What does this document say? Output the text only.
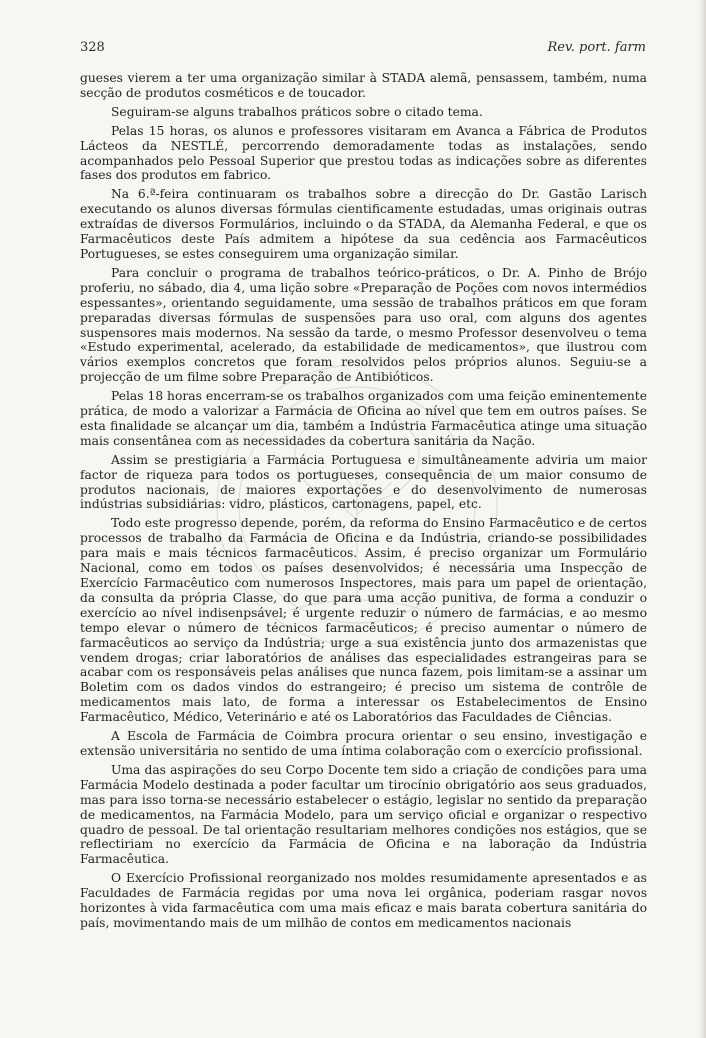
328	Rev. port. farm

gueses vierem a ter uma organização similar à STADA alemã, pensassem, também, numa secção de produtos cosméticos e de toucador.

Seguiram-se alguns trabalhos práticos sobre o citado tema.

Pelas 15 horas, os alunos e professores visitaram em Avanca a Fábrica de Produtos Lácteos da NESTLÉ, percorrendo demoradamente todas as instalações, sendo acompanhados pelo Pessoal Superior que prestou todas as indicações sobre as diferentes fases dos produtos em fabrico.

Na 6.ª-feira continuaram os trabalhos sobre a direcção do Dr. Gastão Larisch executando os alunos diversas fórmulas cientificamente estudadas, umas originais outras extraídas de diversos Formulários, incluindo o da STADA, da Alemanha Federal, e que os Farmacêuticos deste País admitem a hipótese da sua cedência aos Farmacêuticos Portugueses, se estes conseguirem uma organização similar.

Para concluir o programa de trabalhos teórico-práticos, o Dr. A. Pinho de Brójo proferiu, no sábado, dia 4, uma lição sobre «Preparação de Poções com novos intermédios espessantes», orientando seguidamente, uma sessão de trabalhos práticos em que foram preparadas diversas fórmulas de suspensões para uso oral, com alguns dos agentes suspensores mais modernos. Na sessão da tarde, o mesmo Professor desenvolveu o tema «Estudo experimental, acelerado, da estabilidade de medicamentos», que ilustrou com vários exemplos concretos que foram resolvidos pelos próprios alunos. Seguiu-se a projecção de um filme sobre Preparação de Antibióticos.

Pelas 18 horas encerram-se os trabalhos organizados com uma feição eminentemente prática, de modo a valorizar a Farmácia de Oficina ao nível que tem em outros países. Se esta finalidade se alcançar um dia, também a Indústria Farmacêutica atinge uma situação mais consentânea com as necessidades da cobertura sanitária da Nação.

Assim se prestigiaria a Farmácia Portuguesa e simultâneamente adviria um maior factor de riqueza para todos os portugueses, consequência de um maior consumo de produtos nacionais, de maiores exportações e do desenvolvimento de numerosas indústrias subsidiárias: vidro, plásticos, cartonagens, papel, etc.

Todo este progresso depende, porém, da reforma do Ensino Farmacêutico e de certos processos de trabalho da Farmácia de Oficina e da Indústria, criando-se possibilidades para mais e mais técnicos farmacêuticos. Assim, é preciso organizar um Formulário Nacional, como em todos os países desenvolvidos; é necessária uma Inspecção de Exercício Farmacêutico com numerosos Inspectores, mais para um papel de orientação, da consulta da própria Classe, do que para uma acção punitiva, de forma a conduzir o exercício ao nível indisenpsável; é urgente reduzir o número de farmácias, e ao mesmo tempo elevar o número de técnicos farmacêuticos; é preciso aumentar o número de farmacêuticos ao serviço da Indústria; urge a sua existência junto dos armazenistas que vendem drogas; criar laboratórios de análises das especialidades estrangeiras para se acabar com os responsáveis pelas análises que nunca fazem, pois limitam-se a assinar um Boletim com os dados vindos do estrangeiro; é preciso um sistema de contrôle de medicamentos mais lato, de forma a interessar os Estabelecimentos de Ensino Farmacêutico, Médico, Veterinário e até os Laboratórios das Faculdades de Ciências.

A Escola de Farmácia de Coimbra procura orientar o seu ensino, investigação e extensão universitária no sentido de uma íntima colaboração com o exercício profissional.

Uma das aspirações do seu Corpo Docente tem sido a criação de condições para uma Farmácia Modelo destinada a poder facultar um tirocínio obrigatório aos seus graduados, mas para isso torna-se necessário estabelecer o estágio, legislar no sentido da preparação de medicamentos, na Farmácia Modelo, para um serviço oficial e organizar o respectivo quadro de pessoal. De tal orientação resultariam melhores condições nos estágios, que se reflectiriam no exercício da Farmácia de Oficina e na laboração da Indústria Farmacêutica.

O Exercício Profissional reorganizado nos moldes resumidamente apresentados e as Faculdades de Farmácia regidas por uma nova lei orgânica, poderiam rasgar novos horizontes à vida farmacêutica com uma mais eficaz e mais barata cobertura sanitária do país, movimentando mais de um milhão de contos em medicamentos nacionais
